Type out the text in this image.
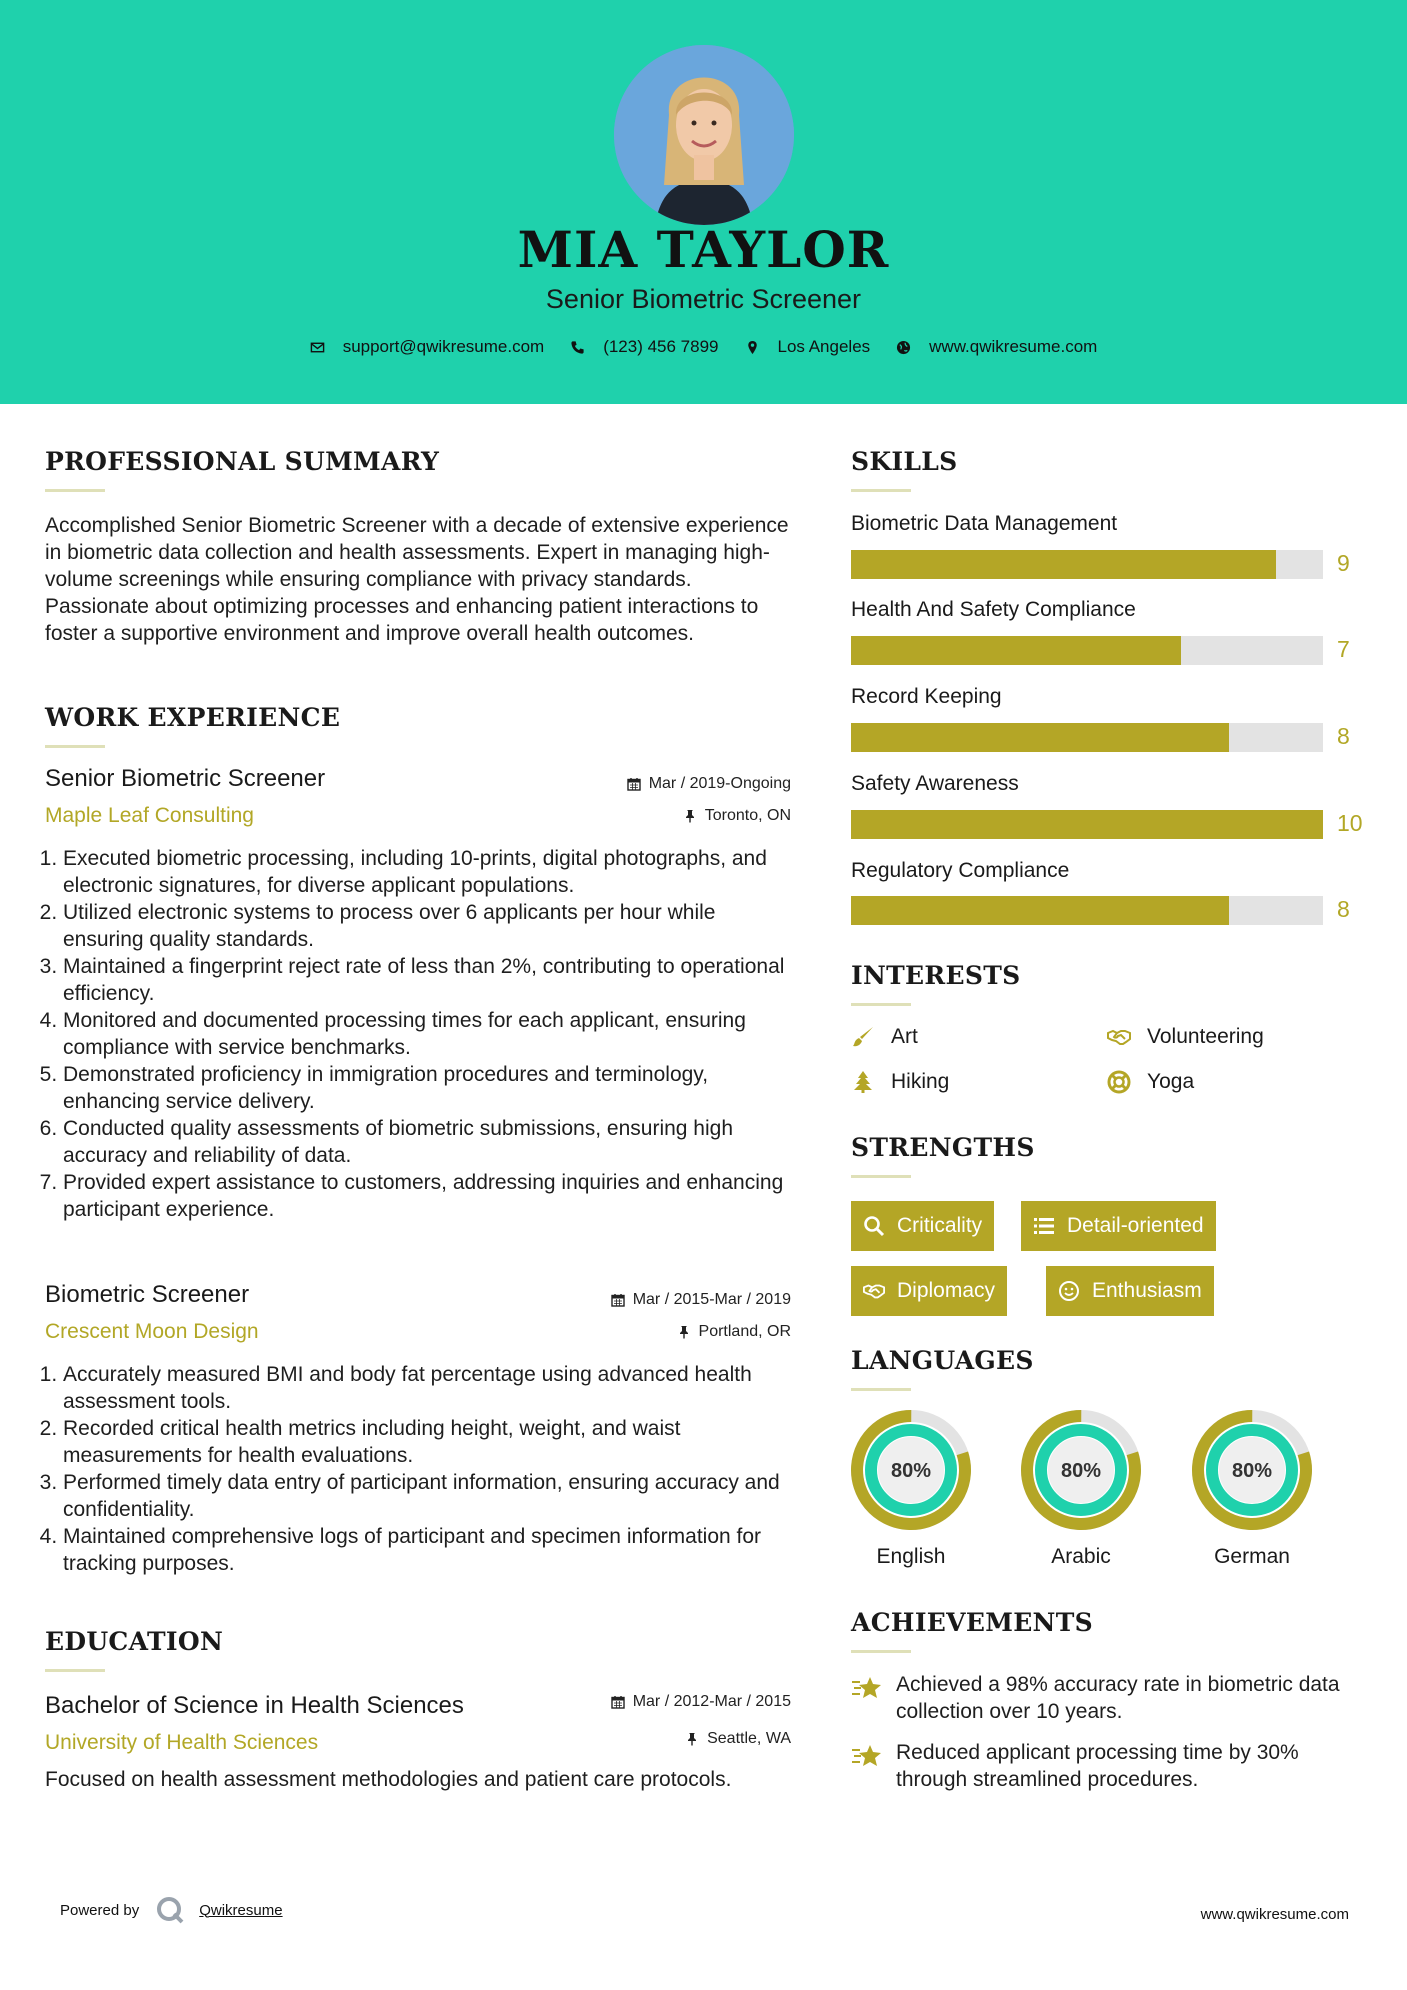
MIA TAYLOR
Senior Biometric Screener
support@qwikresume.com	(123) 456 7899	Los Angeles	www.qwikresume.com
PROFESSIONAL SUMMARY
Accomplished Senior Biometric Screener with a decade of extensive experience in biometric data collection and health assessments. Expert in managing high-volume screenings while ensuring compliance with privacy standards. Passionate about optimizing processes and enhancing patient interactions to foster a supportive environment and improve overall health outcomes.
WORK EXPERIENCE
Senior Biometric Screener
Maple Leaf Consulting
Mar / 2019-Ongoing
Toronto, ON
1. Executed biometric processing, including 10-prints, digital photographs, and electronic signatures, for diverse applicant populations.
2. Utilized electronic systems to process over 6 applicants per hour while ensuring quality standards.
3. Maintained a fingerprint reject rate of less than 2%, contributing to operational efficiency.
4. Monitored and documented processing times for each applicant, ensuring compliance with service benchmarks.
5. Demonstrated proficiency in immigration procedures and terminology, enhancing service delivery.
6. Conducted quality assessments of biometric submissions, ensuring high accuracy and reliability of data.
7. Provided expert assistance to customers, addressing inquiries and enhancing participant experience.
Biometric Screener
Crescent Moon Design
Mar / 2015-Mar / 2019
Portland, OR
1. Accurately measured BMI and body fat percentage using advanced health assessment tools.
2. Recorded critical health metrics including height, weight, and waist measurements for health evaluations.
3. Performed timely data entry of participant information, ensuring accuracy and confidentiality.
4. Maintained comprehensive logs of participant and specimen information for tracking purposes.
EDUCATION
Bachelor of Science in Health Sciences
University of Health Sciences
Mar / 2012-Mar / 2015
Seattle, WA
Focused on health assessment methodologies and patient care protocols.
SKILLS
Biometric Data Management
9
Health And Safety Compliance
7
Record Keeping
8
Safety Awareness
10
Regulatory Compliance
8
INTERESTS
Art	Volunteering
Hiking	Yoga
STRENGTHS
Criticality	Detail-oriented
Diplomacy	Enthusiasm
LANGUAGES
80%
English
80%
Arabic
80%
German
ACHIEVEMENTS
Achieved a 98% accuracy rate in biometric data collection over 10 years.
Reduced applicant processing time by 30% through streamlined procedures.
Powered by	Qwikresume	www.qwikresume.com
